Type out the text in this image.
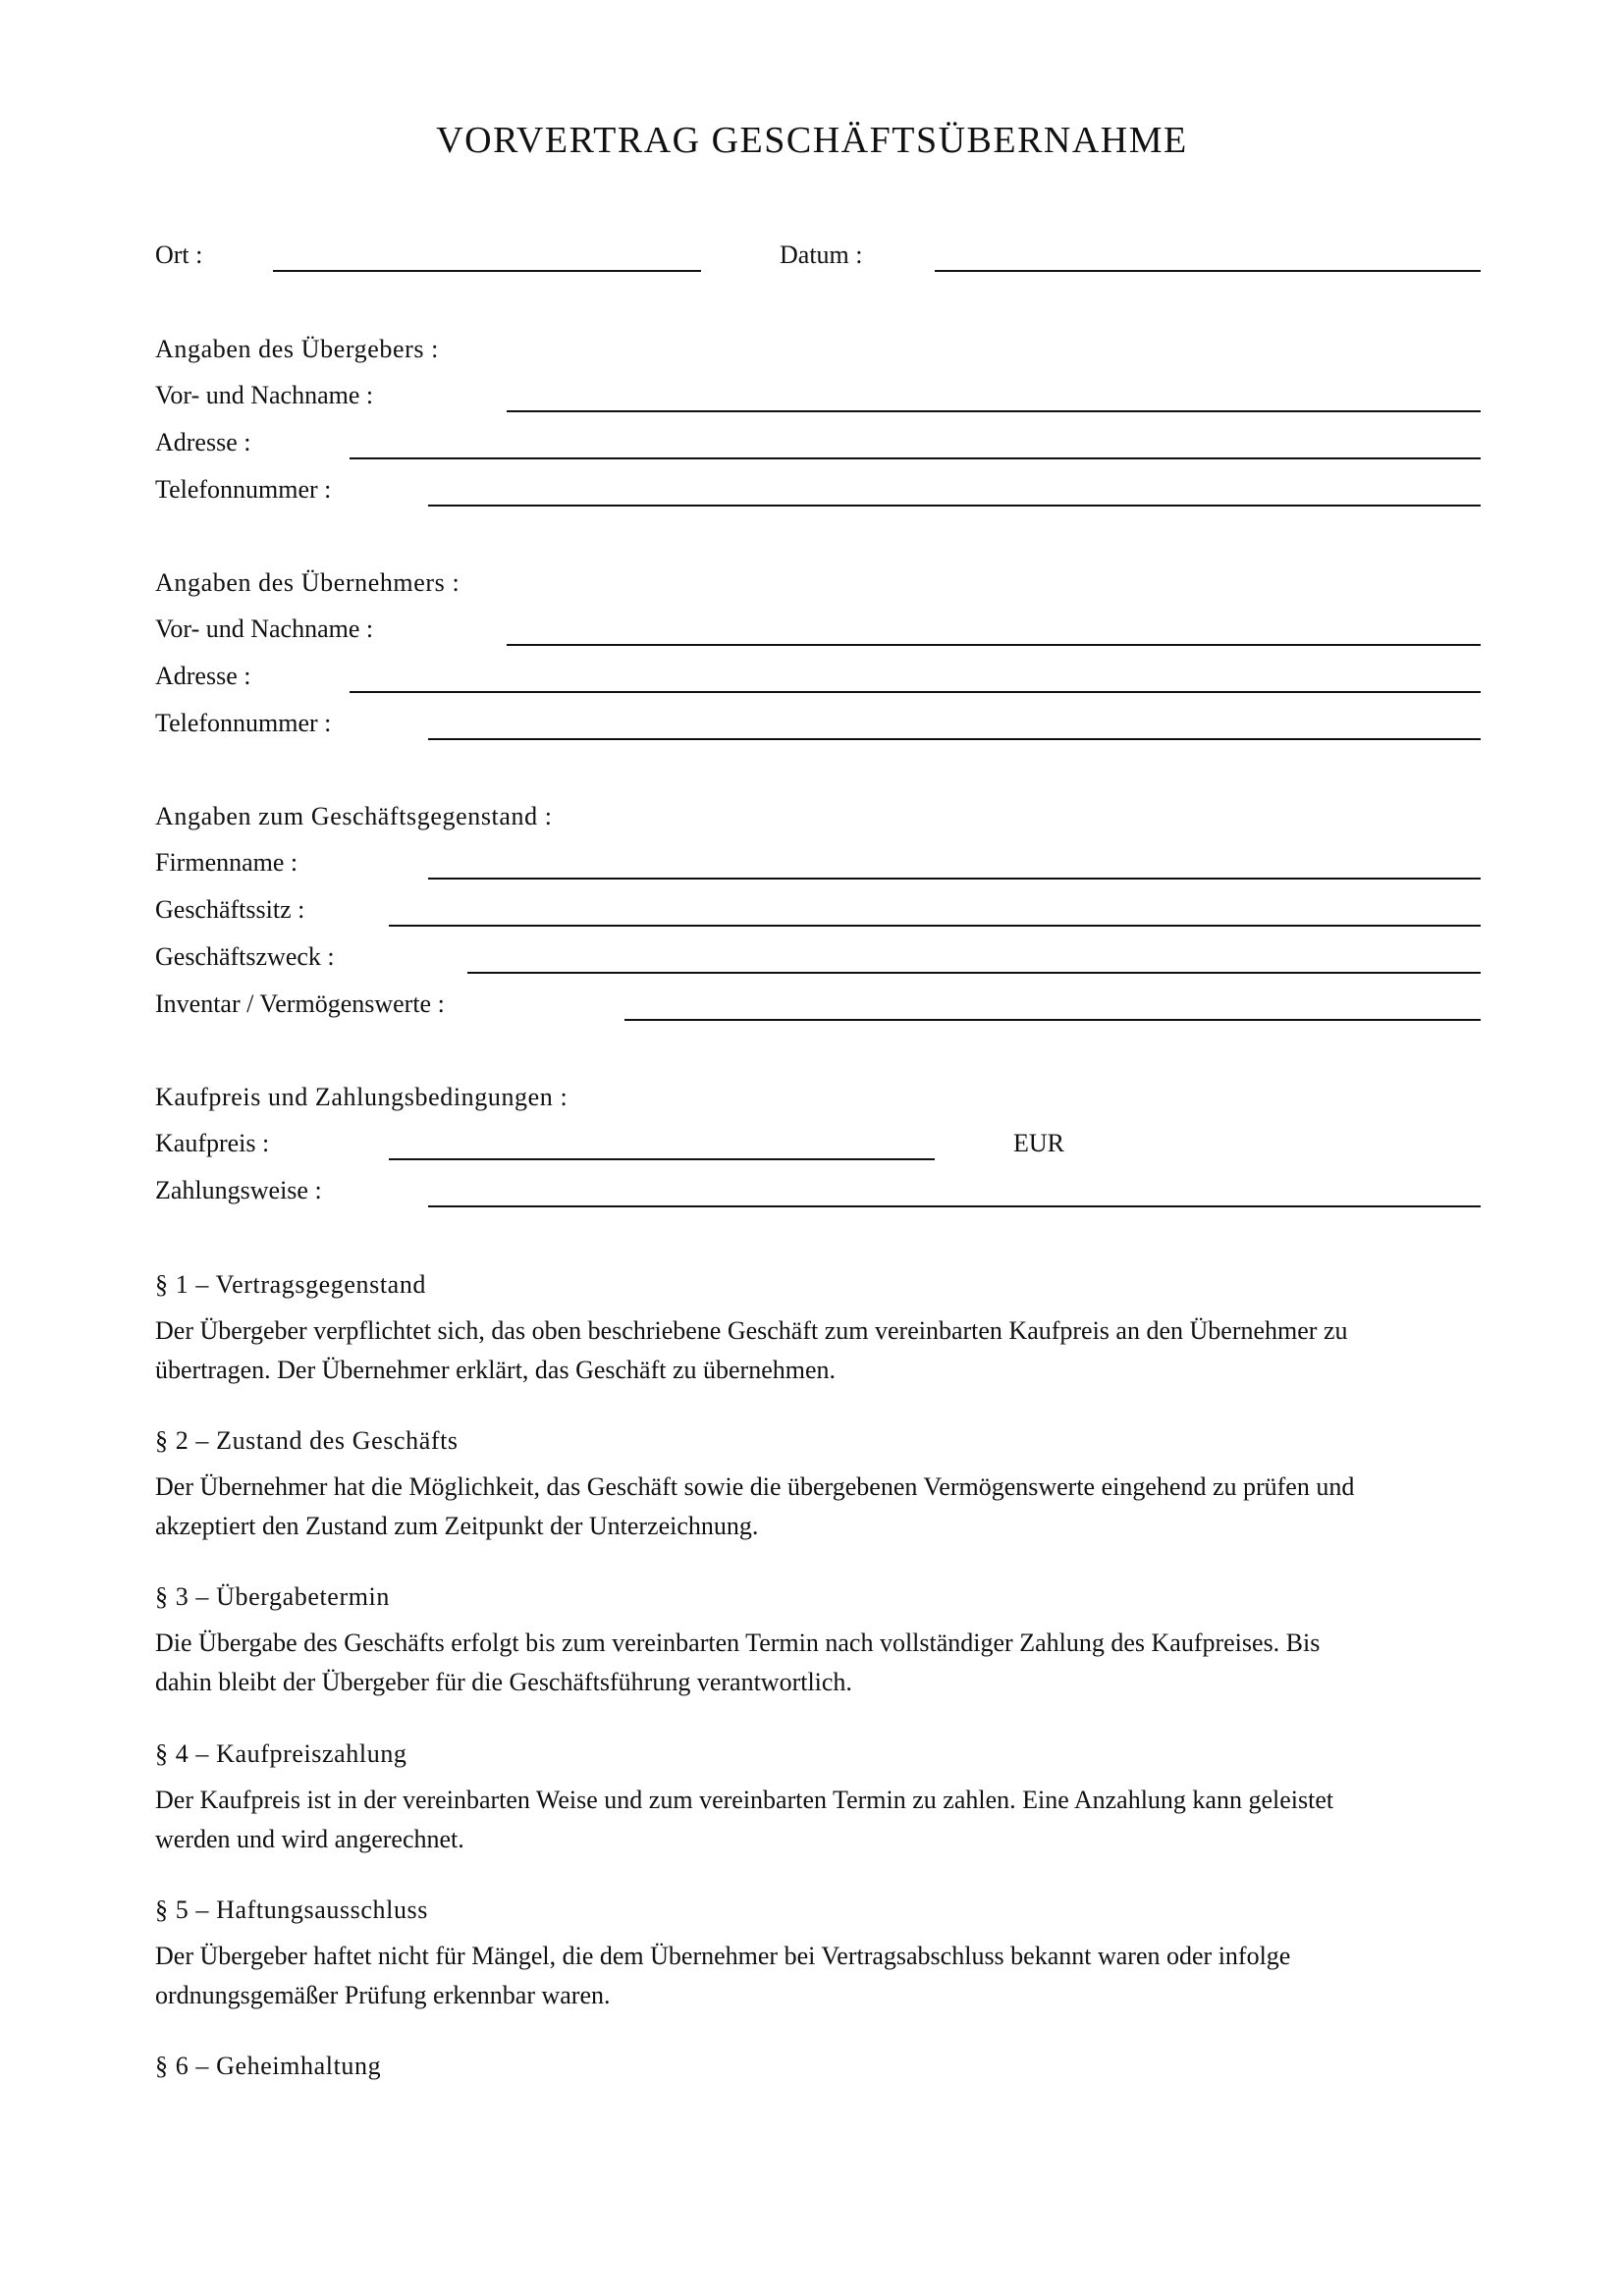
VORVERTRAG GESCHÄFTSÜBERNAHME
Ort :	Datum :
Angaben des Übergebers :
Vor- und Nachname :
Adresse :
Telefonnummer :
Angaben des Übernehmers :
Vor- und Nachname :
Adresse :
Telefonnummer :
Angaben zum Geschäftsgegenstand :
Firmenname :
Geschäftssitz :
Geschäftszweck :
Inventar / Vermögenswerte :
Kaufpreis und Zahlungsbedingungen :
Kaufpreis :	EUR
Zahlungsweise :
§ 1 – Vertragsgegenstand
Der Übergeber verpflichtet sich, das oben beschriebene Geschäft zum vereinbarten Kaufpreis an den Übernehmer zu
übertragen. Der Übernehmer erklärt, das Geschäft zu übernehmen.
§ 2 – Zustand des Geschäfts
Der Übernehmer hat die Möglichkeit, das Geschäft sowie die übergebenen Vermögenswerte eingehend zu prüfen und
akzeptiert den Zustand zum Zeitpunkt der Unterzeichnung.
§ 3 – Übergabetermin
Die Übergabe des Geschäfts erfolgt bis zum vereinbarten Termin nach vollständiger Zahlung des Kaufpreises. Bis
dahin bleibt der Übergeber für die Geschäftsführung verantwortlich.
§ 4 – Kaufpreiszahlung
Der Kaufpreis ist in der vereinbarten Weise und zum vereinbarten Termin zu zahlen. Eine Anzahlung kann geleistet
werden und wird angerechnet.
§ 5 – Haftungsausschluss
Der Übergeber haftet nicht für Mängel, die dem Übernehmer bei Vertragsabschluss bekannt waren oder infolge
ordnungsgemäßer Prüfung erkennbar waren.
§ 6 – Geheimhaltung
